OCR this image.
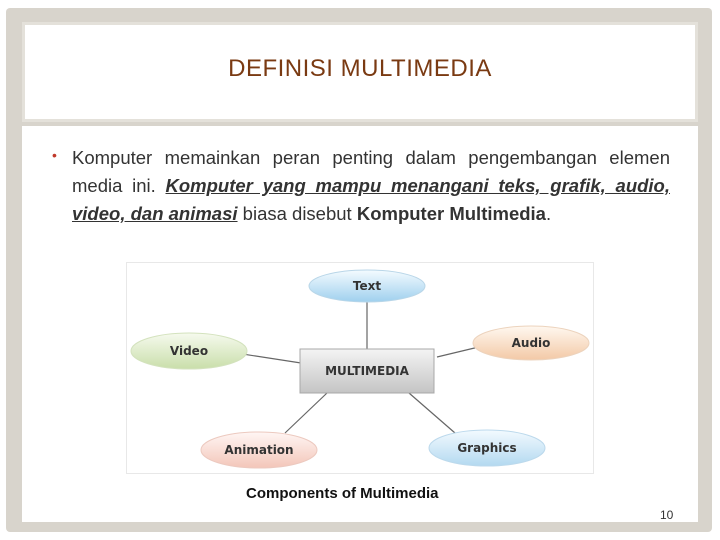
DEFINISI MULTIMEDIA
• Komputer memainkan peran penting dalam pengembangan elemen media ini. Komputer yang mampu menangani teks, grafik, audio, video, dan animasi biasa disebut Komputer Multimedia.
Text
Video
Audio
Animation	Graphics
MULTIMEDIA
Components of Multimedia
10
